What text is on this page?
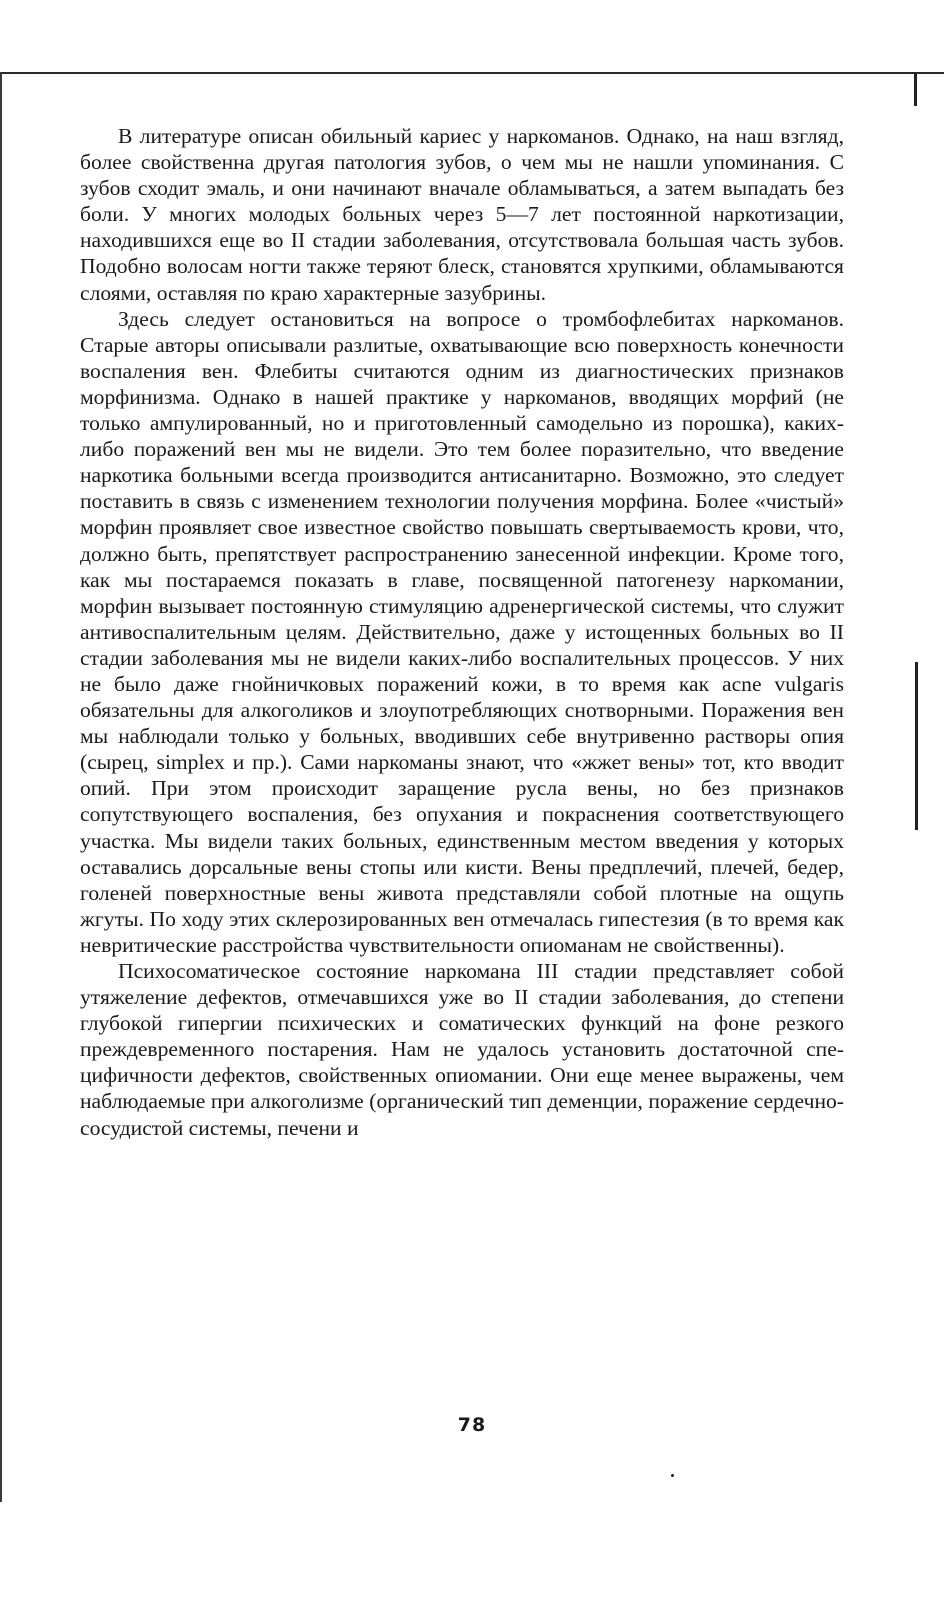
В литературе описан обильный кариес у наркоманов. Однако, на наш взгляд, более свойственна другая патология зубов, о чем мы не нашли упоминания. С зубов сходит эмаль, и они начинают вначале обламываться, а затем выпадать без боли. У многих молодых больных через 5—7 лет постоянной наркотизации, находившихся еще во II стадии заболевания, отсутствовала большая часть зубов. Подобно волосам ногти также теряют блеск, становятся хрупкими, обламываются слоями, оставляя по краю характерные зазубрины.

Здесь следует остановиться на вопросе о тромбофлебитах наркоманов. Старые авторы описывали разлитые, охватывающие всю поверхность конечности воспаления вен. Флебиты считаются одним из диагностических признаков морфинизма. Однако в нашей практике у наркоманов, вводящих морфий (не только ампулированный, но и приготовленный самодельно из порошка), каких-либо поражений вен мы не видели. Это тем более поразительно, что введение наркотика больными всегда производится антисанитарно. Возможно, это следует поставить в связь с изменением технологии получения морфина. Более «чистый» морфин проявляет свое известное свойство повышать свертываемость крови, что, должно быть, препятствует распространению занесенной инфекции. Кроме того, как мы постараемся показать в главе, посвященной патогенезу наркомании, морфин вызывает постоянную стимуляцию адренергической системы, что служит антивоспалительным целям. Действительно, даже у истощенных больных во II стадии заболевания мы не видели каких-либо воспалительных процессов. У них не было даже гнойничковых поражений кожи, в то время как acne vulgaris обязательны для алкоголиков и злоупотребляющих снотворными. Поражения вен мы наблюдали только у больных, вводивших себе внутривенно растворы опия (сырец, simplex и пр.). Сами наркоманы знают, что «жжет вены» тот, кто вводит опий. При этом происходит заращение русла вены, но без признаков сопутствующего воспаления, без опухания и покраснения соответствующего участка. Мы видели таких больных, единственным местом введения у которых оставались дорсальные вены стопы или кисти. Вены предплечий, плечей, бедер, голеней поверхностные вены живота представляли собой плотные на ощупь жгуты. По ходу этих склерозированных вен отмечалась гипестезия (в то время как невритические расстройства чувствительности опиоманам не свойственны).

Психосоматическое состояние наркомана III стадии представляет собой утяжеление дефектов, отмечавшихся уже во II стадии заболевания, до степени глубокой гипергии психических и соматических функций на фоне резкого преждевременного постарения. Нам не удалось установить достаточной специфичности дефектов, свойственных опиомании. Они еще менее выражены, чем наблюдаемые при алкоголизме (органический тип деменции, поражение сердечно-сосудистой системы, печени и

78
